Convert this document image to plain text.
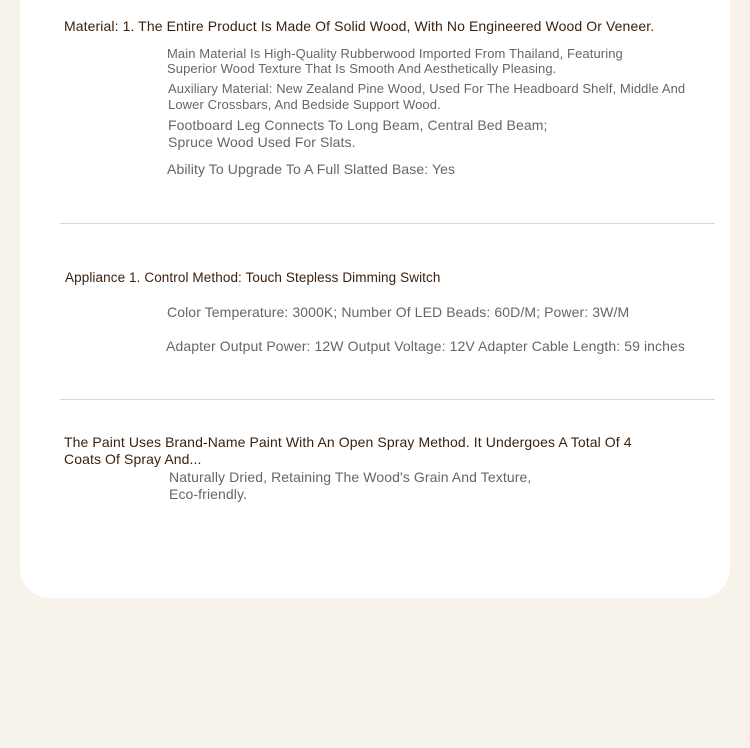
Material: 1. The Entire Product Is Made Of Solid Wood, With No Engineered Wood Or Veneer.

Main Material Is High-Quality Rubberwood Imported From Thailand, Featuring

Superior Wood Texture That Is Smooth And Aesthetically Pleasing.

Auxiliary Material: New Zealand Pine Wood, Used For The Headboard Shelf, Middle And

Lower Crossbars, And Bedside Support Wood.

Footboard Leg Connects To Long Beam, Central Bed Beam;

Spruce Wood Used For Slats.

Ability To Upgrade To A Full Slatted Base: Yes

Appliance 1. Control Method: Touch Stepless Dimming Switch

Color Temperature: 3000K; Number Of LED Beads: 60D/M; Power: 3W/M

Adapter Output Power: 12W Output Voltage: 12V Adapter Cable Length: 59 inches

The Paint Uses Brand-Name Paint With An Open Spray Method. It Undergoes A Total Of 4

Coats Of Spray And...

Naturally Dried, Retaining The Wood's Grain And Texture,

Eco-friendly.
